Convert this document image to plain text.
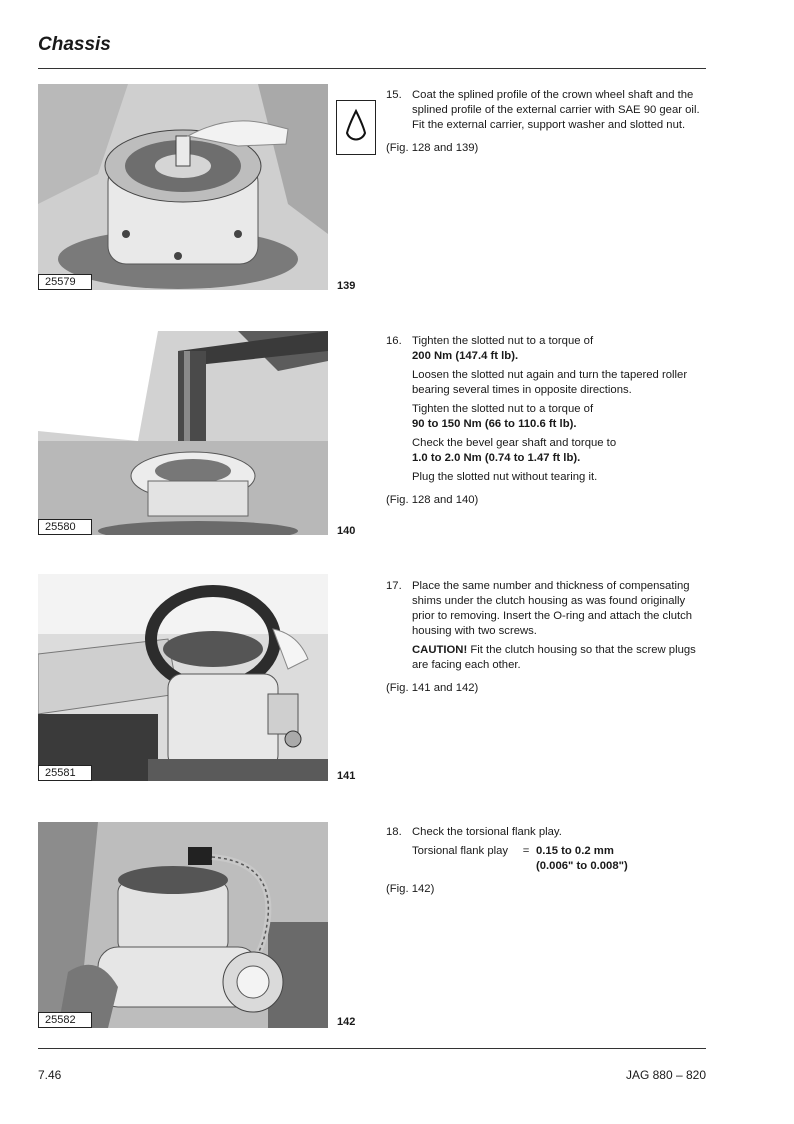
Chassis
25579	139
15. Coat the splined profile of the crown wheel shaft and the splined profile of the external carrier with SAE 90 gear oil. Fit the external carrier, support washer and slotted nut.

(Fig. 128 and 139)
25580	140
16. Tighten the slotted nut to a torque of
200 Nm (147.4 ft lb).

Loosen the slotted nut again and turn the tapered roller bearing several times in opposite directions.

Tighten the slotted nut to a torque of
90 to 150 Nm (66 to 110.6 ft lb).

Check the bevel gear shaft and torque to
1.0 to 2.0 Nm (0.74 to 1.47 ft lb).

Plug the slotted nut without tearing it.

(Fig. 128 and 140)
25581	141
17. Place the same number and thickness of compensating shims under the clutch housing as was found originally prior to removing. Insert the O-ring and attach the clutch housing with two screws.

CAUTION! Fit the clutch housing so that the screw plugs are facing each other.

(Fig. 141 and 142)
25582	142
18. Check the torsional flank play.

Torsional flank play	= 0.15 to 0.2 mm
(0.006" to 0.008")
(Fig. 142)
7.46	JAG 880 – 820
